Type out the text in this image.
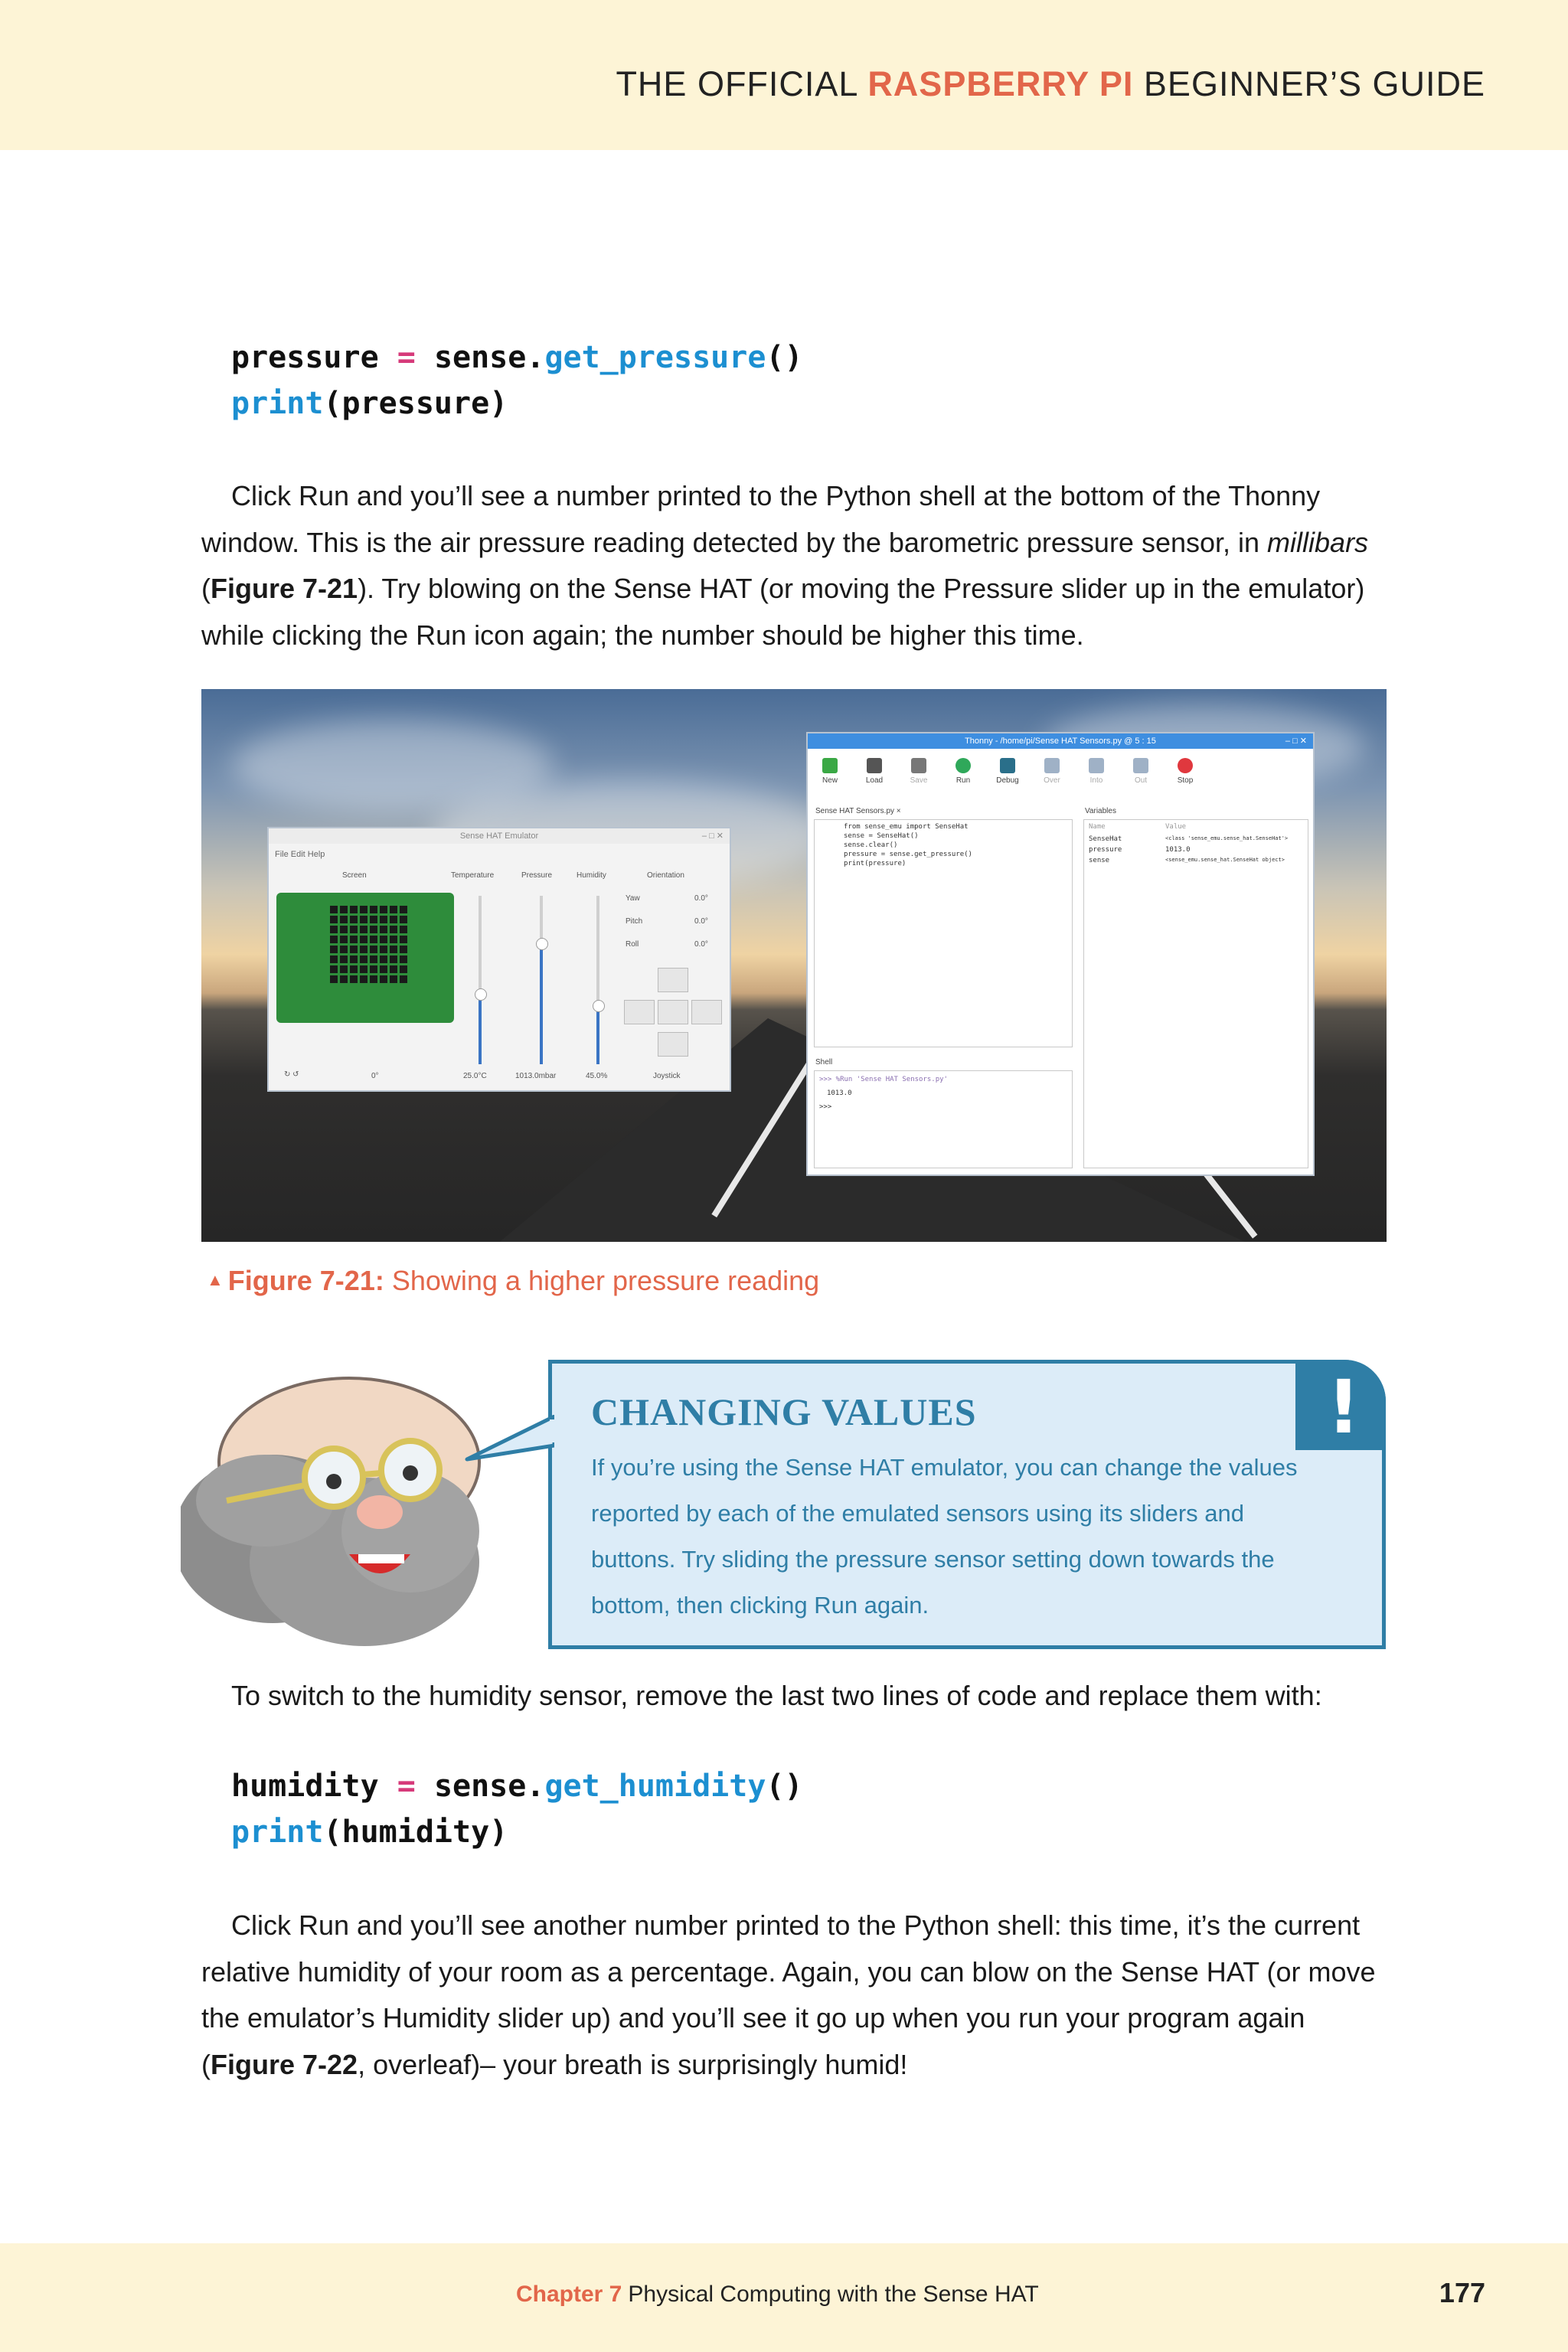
THE OFFICIAL RASPBERRY PI BEGINNER’S GUIDE
pressure = sense.get_pressure()
print(pressure)
Click Run and you’ll see a number printed to the Python shell at the bottom of the Thonny window. This is the air pressure reading detected by the barometric pressure sensor, in millibars (Figure 7-21). Try blowing on the Sense HAT (or moving the Pressure slider up in the emulator) while clicking the Run icon again; the number should be higher this time.
Sense HAT Emulator	‒ □ ✕
File Edit Help
Screen	Temperature	Pressure	Humidity	Orientation
Yaw
Pitch
Roll
0.0°
0.0°
0.0°
↻ ↺	0°	25.0°C	1013.0mbar	45.0%	Joystick
Thonny - /home/pi/Sense HAT Sensors.py @ 5 : 15	‒ □ ✕
New	Load	Save	Run	Debug	Over	Into	Out	Stop
Sense HAT Sensors.py ×
from sense_emu import SenseHat
sense = SenseHat()
sense.clear()
pressure = sense.get_pressure()
print(pressure)
Variables
Name	Value
SenseHat	<class 'sense_emu.sense_hat.SenseHat'>
pressure	1013.0
sense	<sense_emu.sense_hat.SenseHat object>
Shell
>>> %Run 'Sense HAT Sensors.py'
1013.0
>>>
▲ Figure 7-21: Showing a higher pressure reading
!
CHANGING VALUES
If you’re using the Sense HAT emulator, you can change the values reported by each of the emulated sensors using its sliders and buttons. Try sliding the pressure sensor setting down towards the bottom, then clicking Run again.
To switch to the humidity sensor, remove the last two lines of code and replace them with:
humidity = sense.get_humidity()
print(humidity)
Click Run and you’ll see another number printed to the Python shell: this time, it’s the current relative humidity of your room as a percentage. Again, you can blow on the Sense HAT (or move the emulator’s Humidity slider up) and you’ll see it go up when you run your program again (Figure 7-22, overleaf)– your breath is surprisingly humid!
Chapter 7 Physical Computing with the Sense HAT	177
